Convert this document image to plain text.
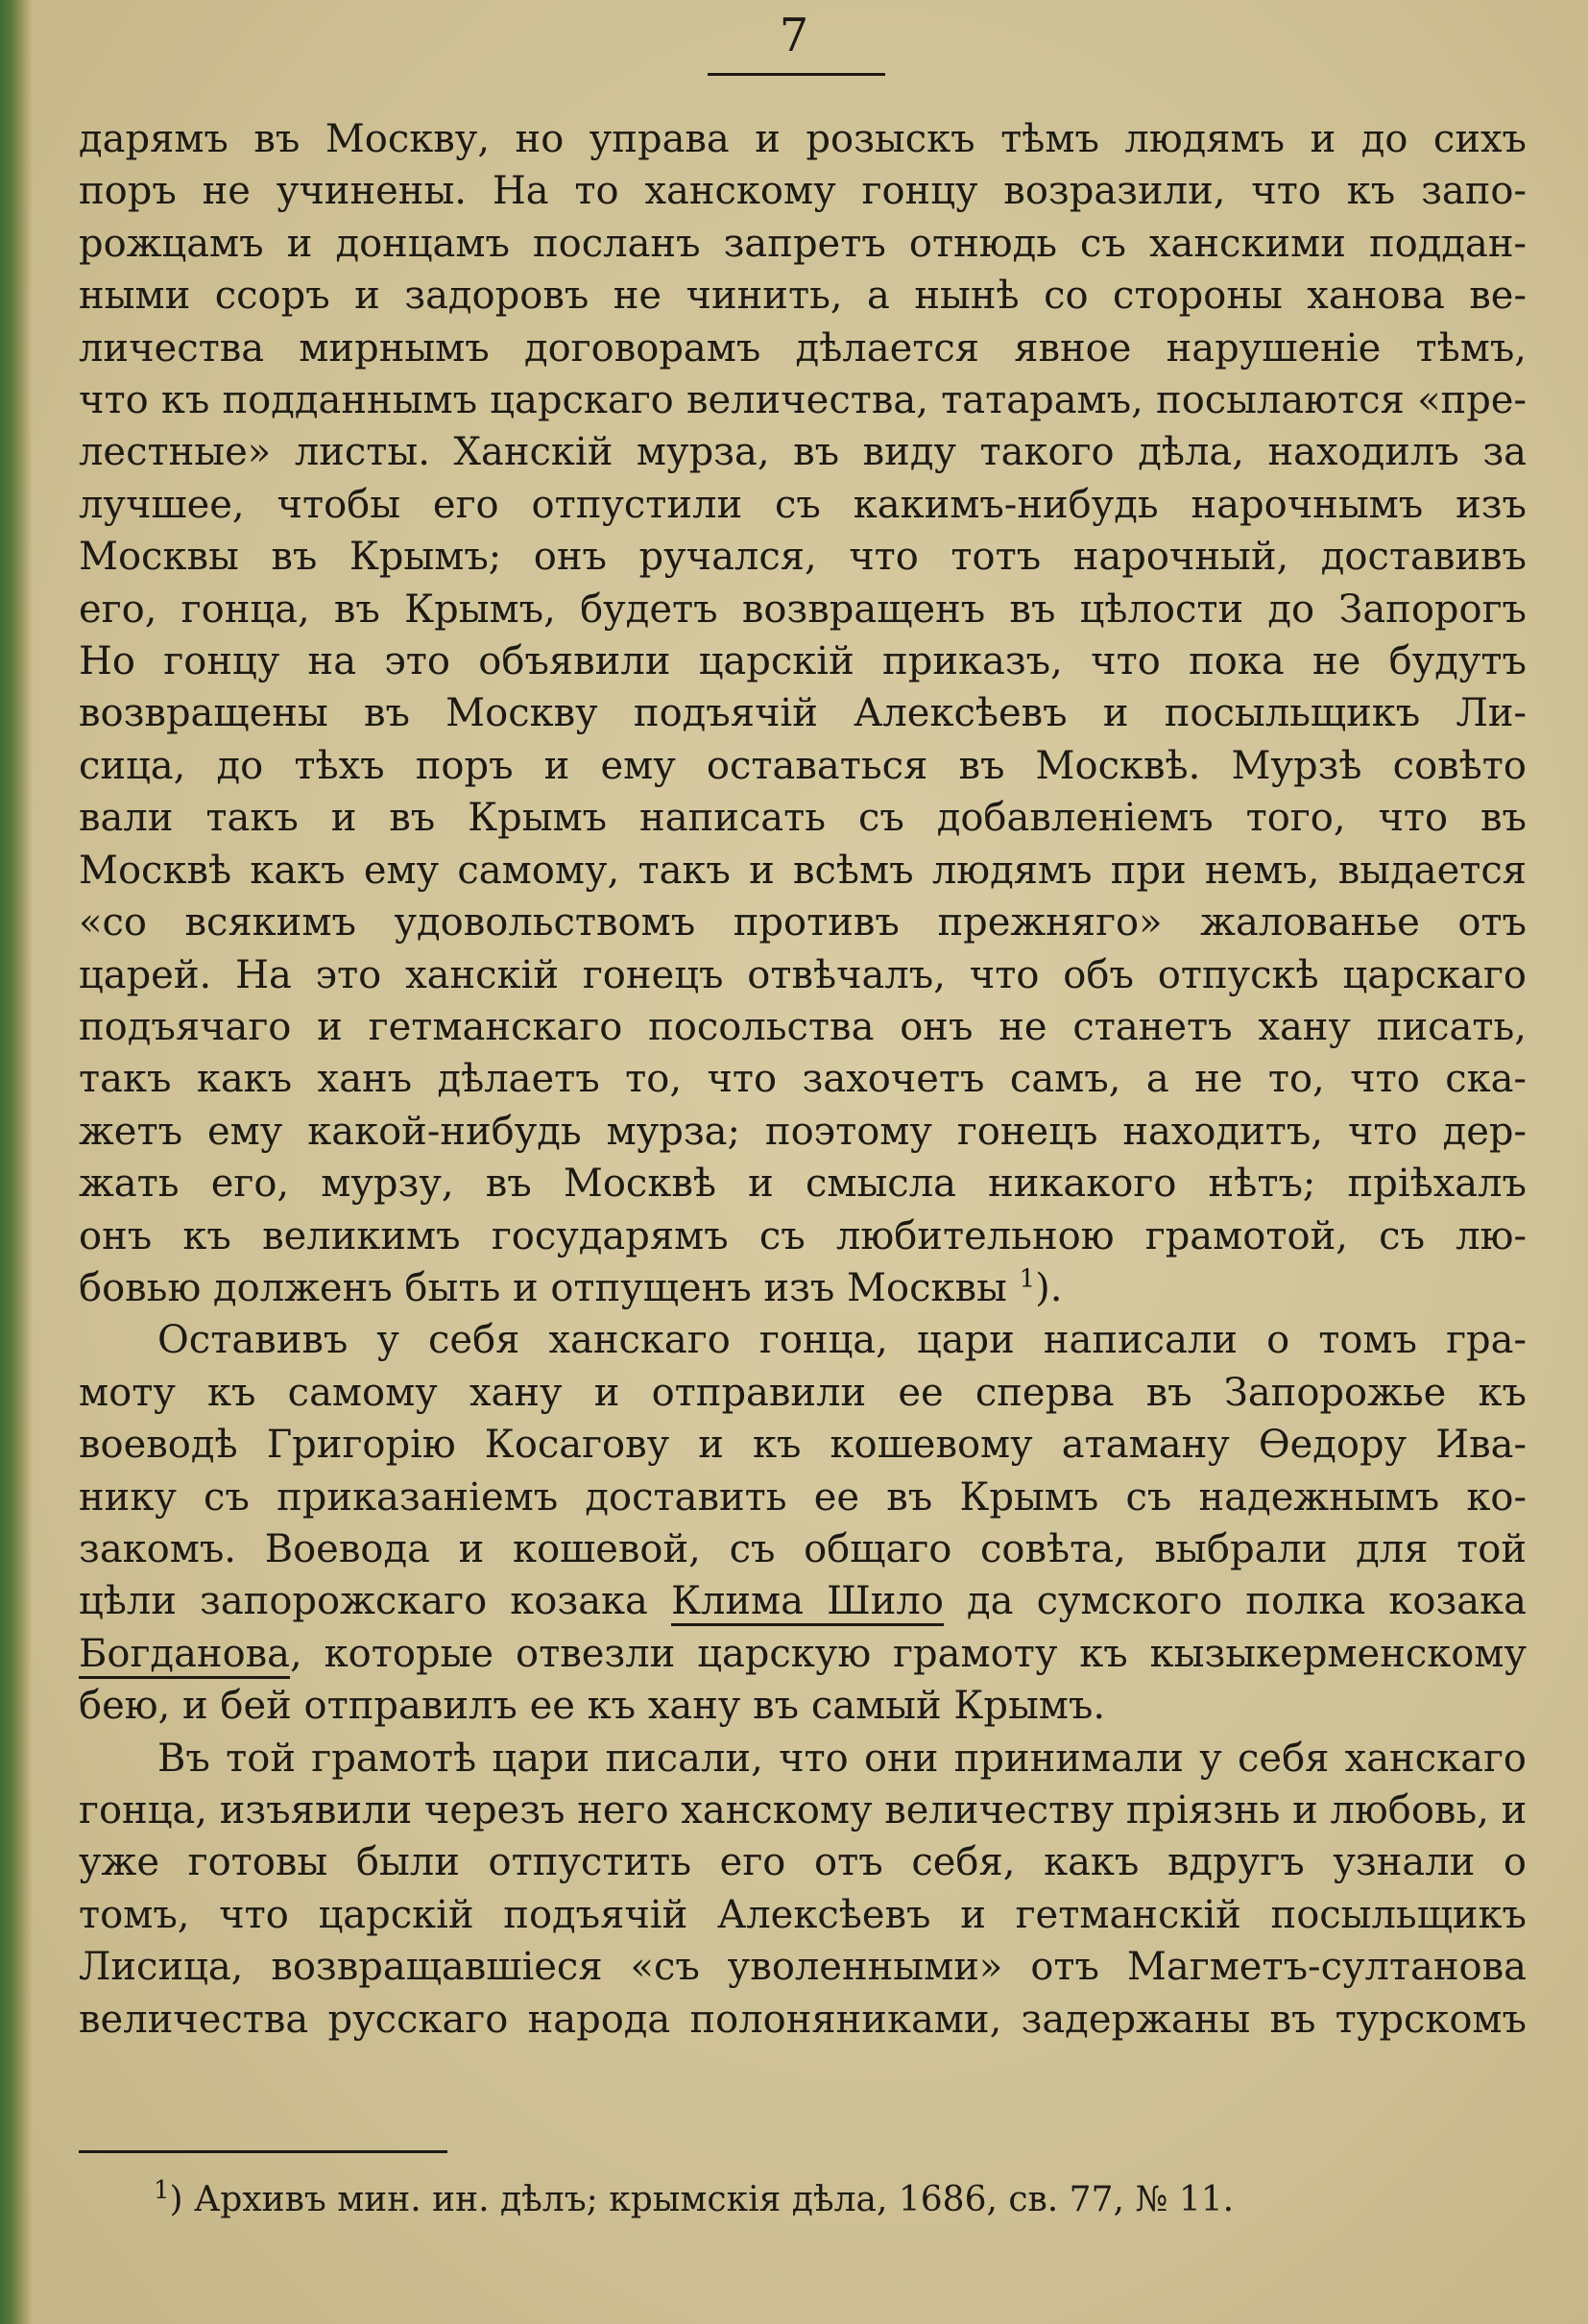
7
дарямъ въ Москву, но управа и розыскъ тѣмъ людямъ и до сихъ
поръ не учинены. На то ханскому гонцу возразили, что къ запо-
рожцамъ и донцамъ посланъ запретъ отнюдь съ ханскими поддан-
ными ссоръ и задоровъ не чинить, а нынѣ со стороны ханова ве-
личества мирнымъ договорамъ дѣлается явное нарушеніе тѣмъ,
что къ подданнымъ царскаго величества, татарамъ, посылаются «пре-
лестные» листы. Ханскій мурза, въ виду такого дѣла, находилъ за
лучшее, чтобы его отпустили съ какимъ-нибудь нарочнымъ изъ
Москвы въ Крымъ; онъ ручался, что тотъ нарочный, доставивъ
его, гонца, въ Крымъ, будетъ возвращенъ въ цѣлости до Запорогъ
Но гонцу на это объявили царскій приказъ, что пока не будутъ
возвращены въ Москву подъячій Алексѣевъ и посыльщикъ Ли-
сица, до тѣхъ поръ и ему оставаться въ Москвѣ. Мурзѣ совѣто
вали такъ и въ Крымъ написать съ добавленіемъ того, что въ
Москвѣ какъ ему самому, такъ и всѣмъ людямъ при немъ, выдается
«со всякимъ удовольствомъ противъ прежняго» жалованье отъ
царей. На это ханскій гонецъ отвѣчалъ, что объ отпускѣ царскаго
подъячаго и гетманскаго посольства онъ не станетъ хану писать,
такъ какъ ханъ дѣлаетъ то, что захочетъ самъ, а не то, что ска-
жетъ ему какой-нибудь мурза; поэтому гонецъ находитъ, что дер-
жать его, мурзу, въ Москвѣ и смысла никакого нѣтъ; пріѣхалъ
онъ къ великимъ государямъ съ любительною грамотой, съ лю-
бовью долженъ быть и отпущенъ изъ Москвы $^1$).
Оставивъ у себя ханскаго гонца, цари написали о томъ гра-
моту къ самому хану и отправили ее сперва въ Запорожье къ
воеводѣ Григорію Косагову и къ кошевому атаману Ѳедору Ива-
нику съ приказаніемъ доставить ее въ Крымъ съ надежнымъ ко-
закомъ. Воевода и кошевой, съ общаго совѣта, выбрали для той
цѣли запорожскаго козака Клима Шило да сумского полка козака
Богданова, которые отвезли царскую грамоту къ кызыкерменскому
бею, и бей отправилъ ее къ хану въ самый Крымъ.
Въ той грамотѣ цари писали, что они принимали у себя ханскаго
гонца, изъявили черезъ него ханскому величеству пріязнь и любовь, и
уже готовы были отпустить его отъ себя, какъ вдругъ узнали о
томъ, что царскій подъячій Алексѣевъ и гетманскій посыльщикъ
Лисица, возвращавшіеся «съ уволенными» отъ Магметъ-султанова
величества русскаго народа полоняниками, задержаны въ турскомъ
$^1$) Архивъ мин. ин. дѣлъ; крымскія дѣла, 1686, св. 77, № 11.
